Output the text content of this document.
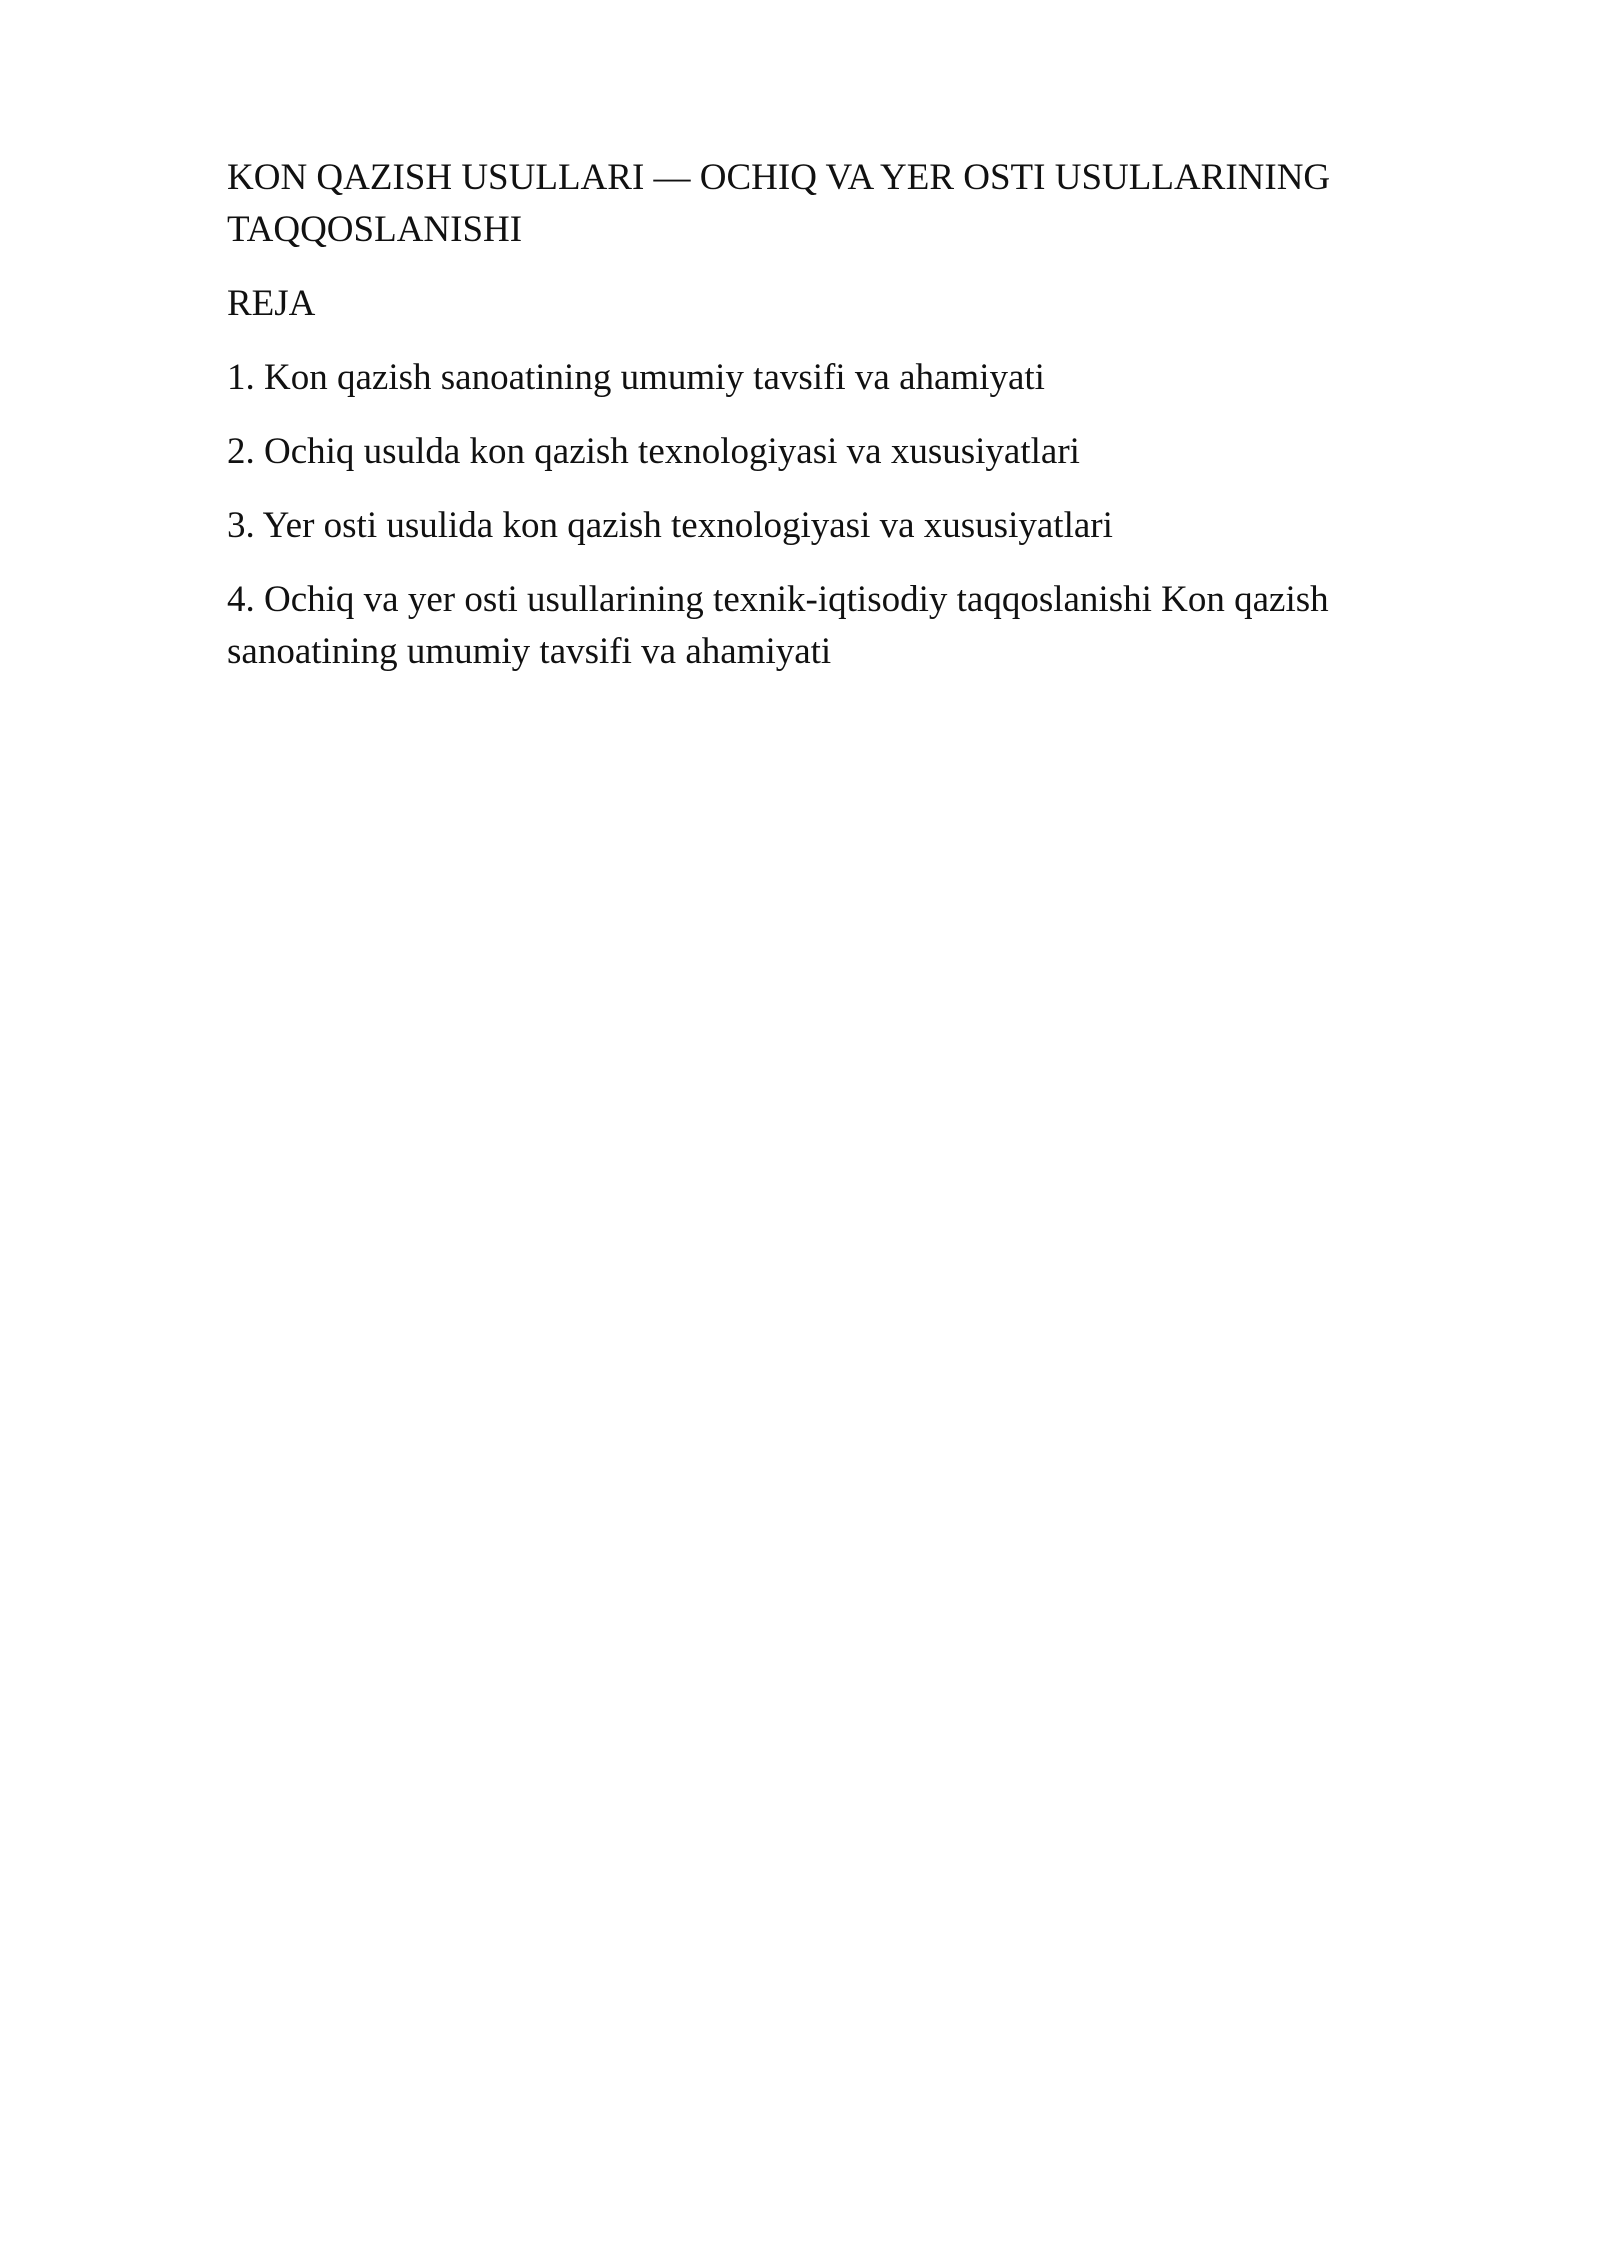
KON QAZISH USULLARI — OCHIQ VA YER OSTI USULLARINING TAQQOSLANISHI
REJA
1. Kon qazish sanoatining umumiy tavsifi va ahamiyati
2. Ochiq usulda kon qazish texnologiyasi va xususiyatlari
3. Yer osti usulida kon qazish texnologiyasi va xususiyatlari
4. Ochiq va yer osti usullarining texnik-iqtisodiy taqqoslanishi Kon qazish sanoatining umumiy tavsifi va ahamiyati
